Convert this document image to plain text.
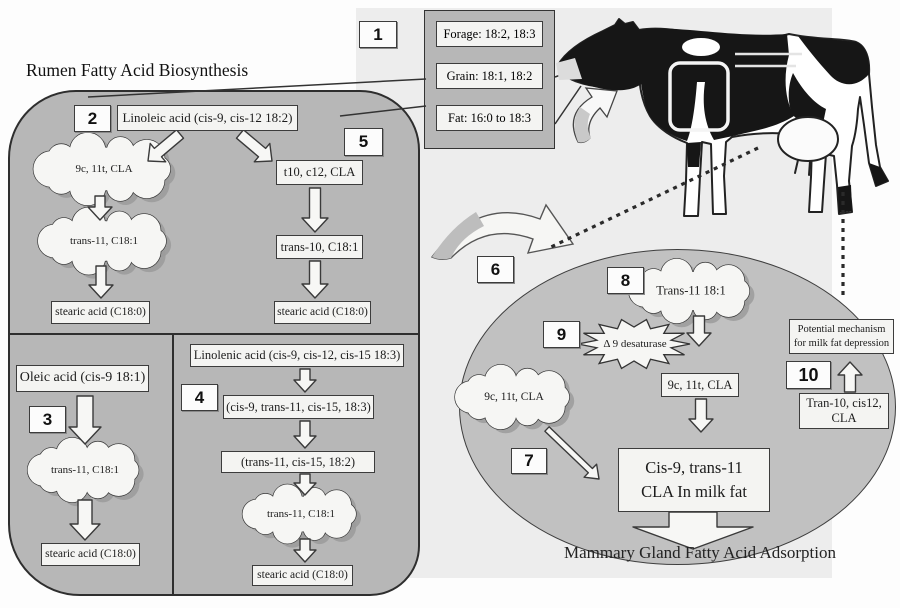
Rumen Fatty Acid Biosynthesis
Mammary Gland Fatty Acid Adsorption
1
2
3
4
5
6
7
8
9
10
Forage: 18:2, 18:3
Grain: 18:1, 18:2
Fat: 16:0 to 18:3
Linoleic acid (cis-9, cis-12 18:2)
t10, c12, CLA
trans-10, C18:1
stearic acid (C18:0)
stearic acid (C18:0)
Oleic acid (cis-9 18:1)
Linolenic acid (cis-9, cis-12, cis-15 18:3)
(cis-9, trans-11, cis-15, 18:3)
(trans-11, cis-15, 18:2)
stearic acid (C18:0)
stearic acid (C18:0)
9c, 11t, CLA
Cis-9, trans-11
CLA In milk fat
Potential mechanism
for milk fat depression
Tran-10, cis12,
CLA
9c, 11t, CLA
trans-11, C18:1
trans-11, C18:1
trans-11, C18:1
Trans-11 18:1
9c, 11t, CLA
Δ 9 desaturase
